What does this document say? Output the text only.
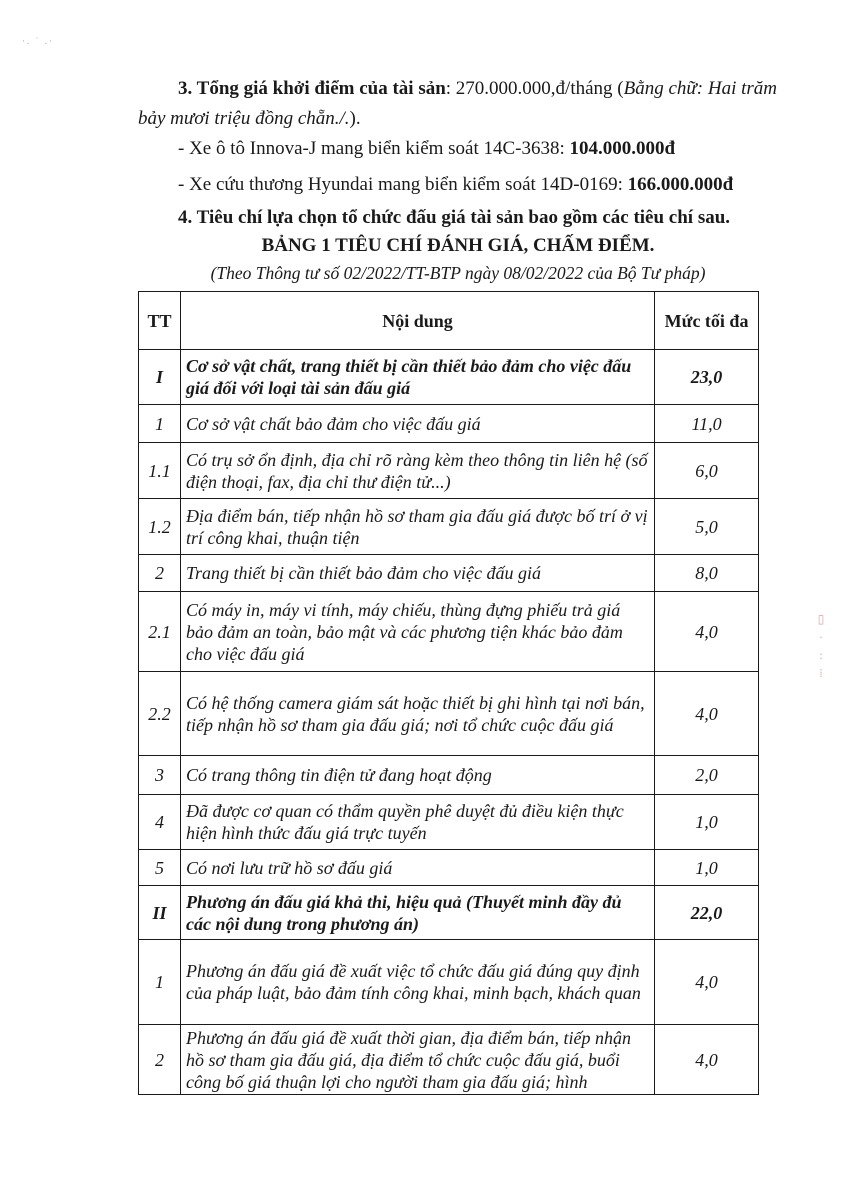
·. ˙ .·
▯
·
:
⁞

3. Tổng giá khởi điểm của tài sản: 270.000.000,đ/tháng (Bằng chữ: Hai trăm bảy mươi triệu đồng chẵn./.).

- Xe ô tô Innova-J mang biển kiểm soát 14C-3638: 104.000.000đ

- Xe cứu thương Hyundai mang biển kiểm soát 14D-0169: 166.000.000đ

4. Tiêu chí lựa chọn tổ chức đấu giá tài sản bao gồm các tiêu chí sau.

BẢNG 1 TIÊU CHÍ ĐÁNH GIÁ, CHẤM ĐIỂM.
(Theo Thông tư số 02/2022/TT-BTP ngày 08/02/2022 của Bộ Tư pháp)
TT	Nội dung	Mức tối đa
I	Cơ sở vật chất, trang thiết bị cần thiết bảo đảm cho việc đấu giá đối với loại tài sản đấu giá	23,0
1	Cơ sở vật chất bảo đảm cho việc đấu giá	11,0
1.1	Có trụ sở ổn định, địa chỉ rõ ràng kèm theo thông tin liên hệ (số điện thoại, fax, địa chỉ thư điện tử...)	6,0
1.2	Địa điểm bán, tiếp nhận hồ sơ tham gia đấu giá được bố trí ở vị trí công khai, thuận tiện	5,0
2	Trang thiết bị cần thiết bảo đảm cho việc đấu giá	8,0
2.1	Có máy in, máy vi tính, máy chiếu, thùng đựng phiếu trả giá bảo đảm an toàn, bảo mật và các phương tiện khác bảo đảm cho việc đấu giá	4,0
2.2	Có hệ thống camera giám sát hoặc thiết bị ghi hình tại nơi bán, tiếp nhận hồ sơ tham gia đấu giá; nơi tổ chức cuộc đấu giá	4,0
3	Có trang thông tin điện tử đang hoạt động	2,0
4	Đã được cơ quan có thẩm quyền phê duyệt đủ điều kiện thực hiện hình thức đấu giá trực tuyến	1,0
5	Có nơi lưu trữ hồ sơ đấu giá	1,0
II	Phương án đấu giá khả thi, hiệu quả (Thuyết minh đầy đủ các nội dung trong phương án)	22,0
1	Phương án đấu giá đề xuất việc tổ chức đấu giá đúng quy định của pháp luật, bảo đảm tính công khai, minh bạch, khách quan	4,0
2	Phương án đấu giá đề xuất thời gian, địa điểm bán, tiếp nhận hồ sơ tham gia đấu giá, địa điểm tổ chức cuộc đấu giá, buổi công bố giá thuận lợi cho người tham gia đấu giá; hình	4,0
